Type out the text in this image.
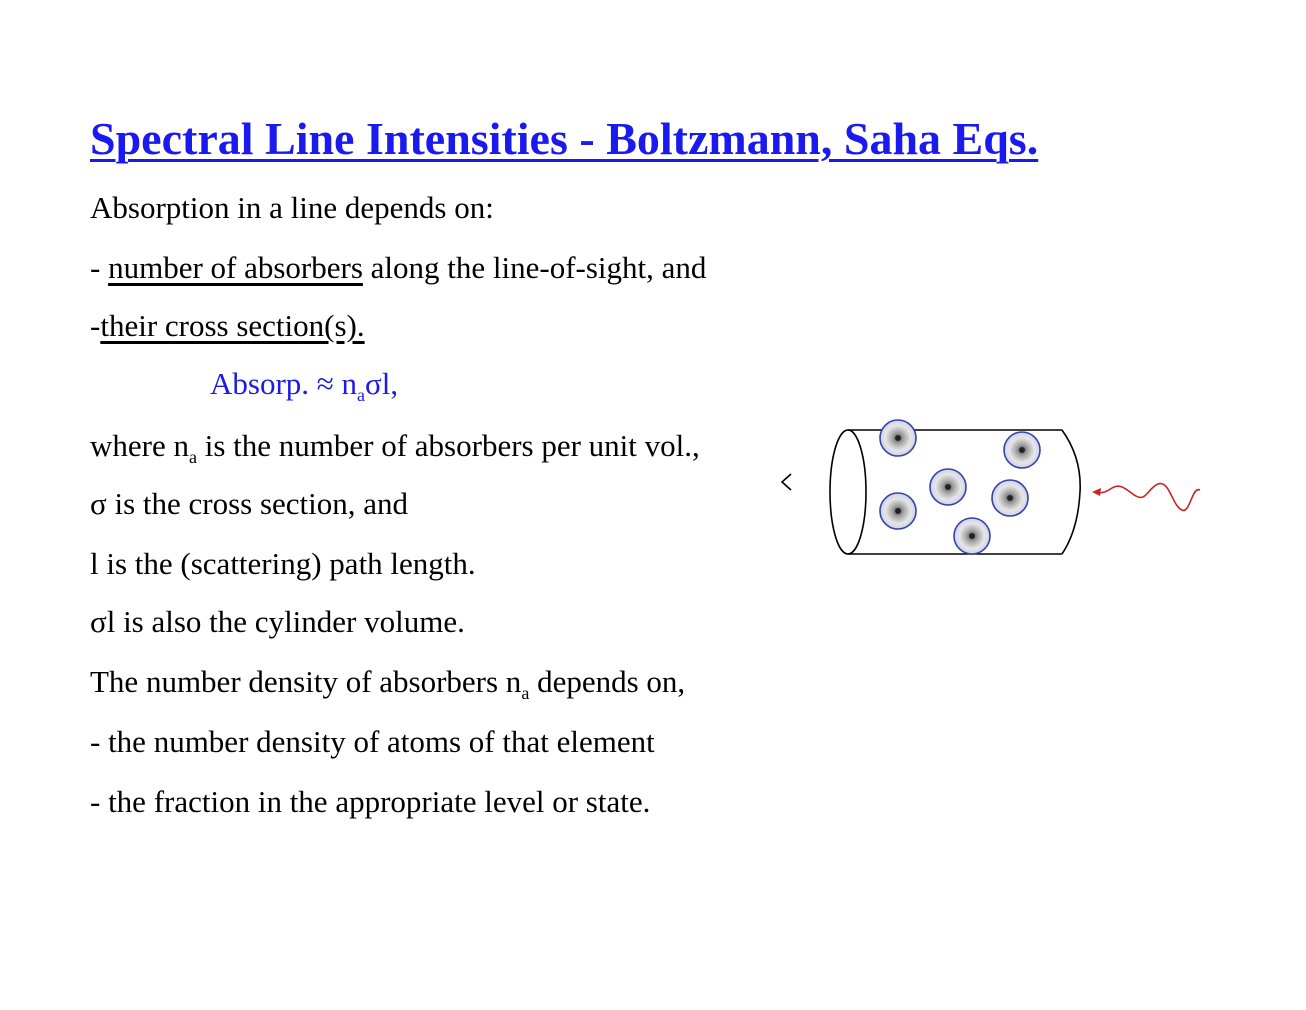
Spectral Line Intensities - Boltzmann, Saha Eqs.
Absorption in a line depends on:
- number of absorbers along the line-of-sight, and
-their cross section(s).
Absorp. ≈ $n_a\sigma l$,
where $n_a$ is the number of absorbers per unit vol.,
σ is the cross section, and
l is the (scattering) path length.
σl is also the cylinder volume.
The number density of absorbers $n_a$ depends on,
- the number density of atoms of that element
- the fraction in the appropriate level or state.
